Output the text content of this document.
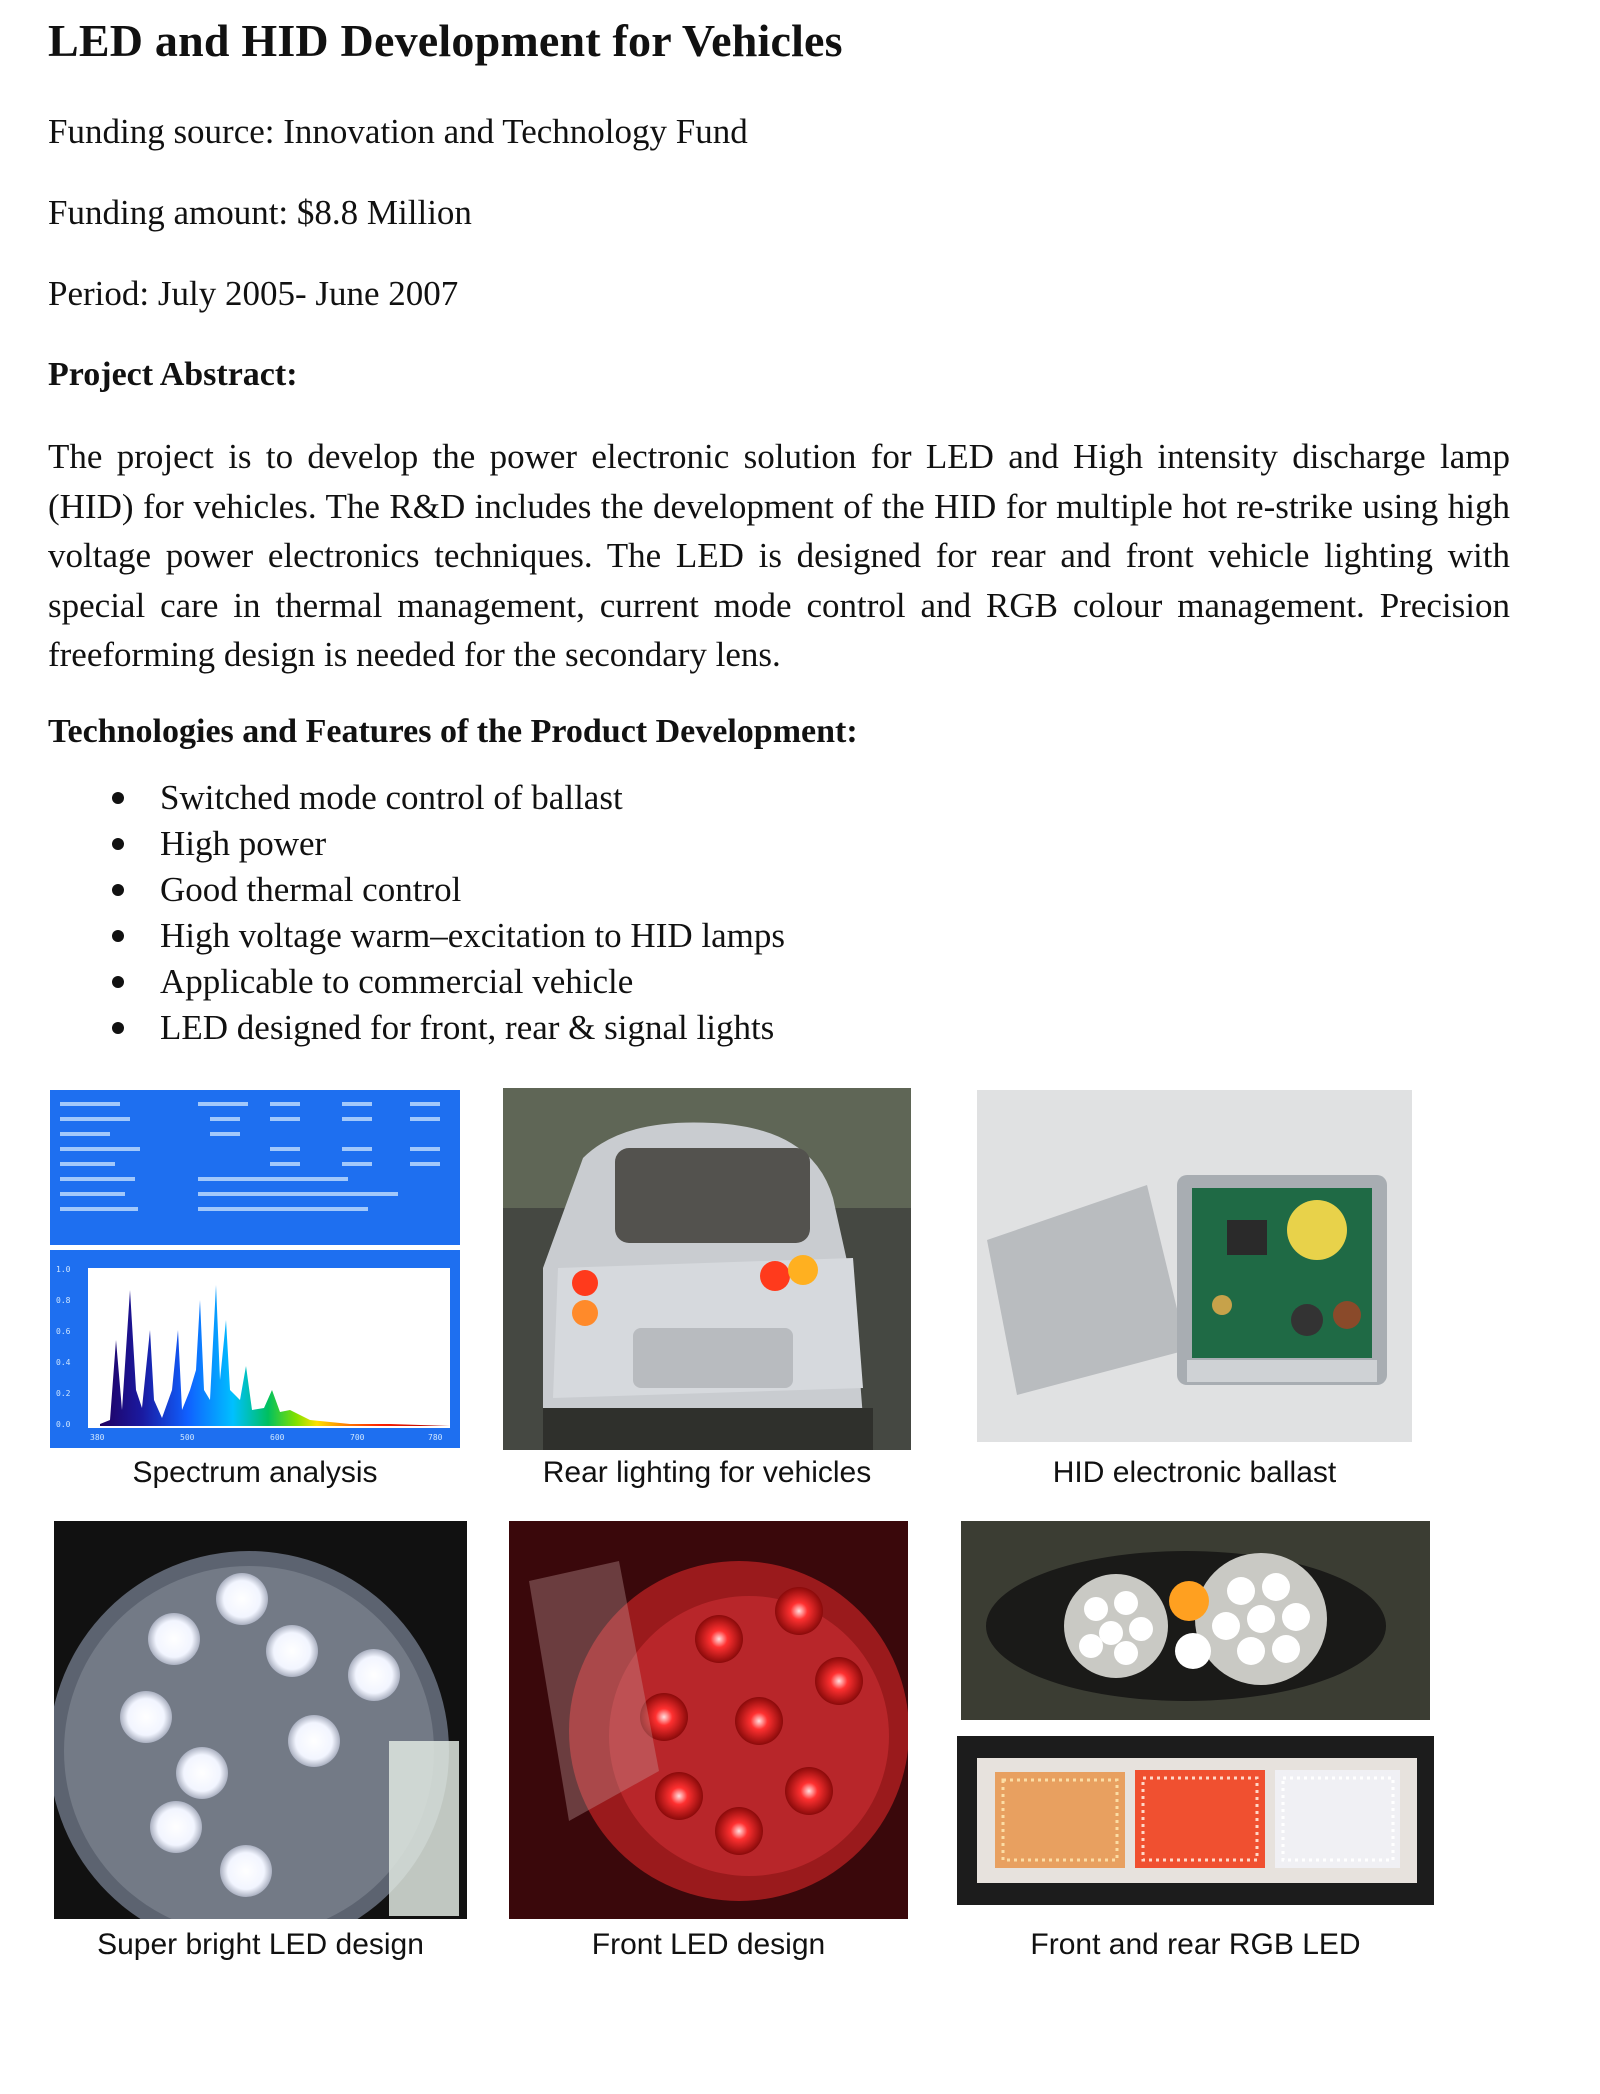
LED and HID Development for Vehicles

Funding source: Innovation and Technology Fund

Funding amount: $8.8 Million

Period: July 2005- June 2007

Project Abstract:

The project is to develop the power electronic solution for LED and High intensity discharge lamp (HID) for vehicles. The R&D includes the development of the HID for multiple hot re-strike using high voltage power electronics techniques. The LED is designed for rear and front vehicle lighting with special care in thermal management, current mode control and RGB colour management. Precision freeforming design is needed for the secondary lens.

Technologies and Features of the Product Development:

Switched mode control of ballast
High power
Good thermal control
High voltage warm–excitation to HID lamps
Applicable to commercial vehicle
LED designed for front, rear & signal lights
1.0
0.8
0.6
0.4
0.2
0.0
380	500	600	700	780
Spectrum analysis	Rear lighting for vehicles	HID electronic ballast
Super bright LED design	Front LED design	Front and rear RGB LED
